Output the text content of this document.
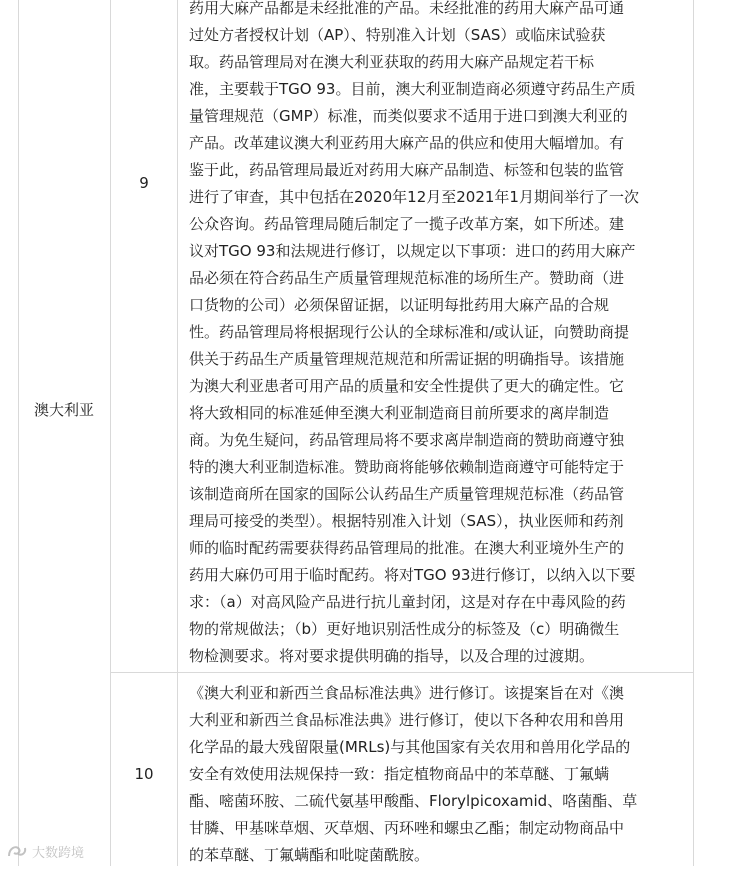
澳大利亚
9
药用大麻产品都是未经批准的产品。未经批准的药用大麻产品可通
过处方者授权计划（AP）、特别准入计划（SAS）或临床试验获
取。药品管理局对在澳大利亚获取的药用大麻产品规定若干标
准，主要载于TGO 93。目前，澳大利亚制造商必须遵守药品生产质
量管理规范（GMP）标准，而类似要求不适用于进口到澳大利亚的
产品。改革建议澳大利亚药用大麻产品的供应和使用大幅增加。有
鉴于此，药品管理局最近对药用大麻产品制造、标签和包装的监管
进行了审查，其中包括在2020年12月至2021年1月期间举行了一次
公众咨询。药品管理局随后制定了一揽子改革方案，如下所述。建
议对TGO 93和法规进行修订，以规定以下事项：进口的药用大麻产
品必须在符合药品生产质量管理规范标准的场所生产。赞助商（进
口货物的公司）必须保留证据，以证明每批药用大麻产品的合规
性。药品管理局将根据现行公认的全球标准和/或认证，向赞助商提
供关于药品生产质量管理规范规范和所需证据的明确指导。该措施
为澳大利亚患者可用产品的质量和安全性提供了更大的确定性。它
将大致相同的标准延伸至澳大利亚制造商目前所要求的离岸制造
商。为免生疑问，药品管理局将不要求离岸制造商的赞助商遵守独
特的澳大利亚制造标准。赞助商将能够依赖制造商遵守可能特定于
该制造商所在国家的国际公认药品生产质量管理规范标准（药品管
理局可接受的类型）。根据特别准入计划（SAS），执业医师和药剂
师的临时配药需要获得药品管理局的批准。在澳大利亚境外生产的
药用大麻仍可用于临时配药。将对TGO 93进行修订，以纳入以下要
求：（a）对高风险产品进行抗儿童封闭，这是对存在中毒风险的药
物的常规做法；（b）更好地识别活性成分的标签及（c）明确微生
物检测要求。将对要求提供明确的指导，以及合理的过渡期。
10
《澳大利亚和新西兰食品标准法典》进行修订。该提案旨在对《澳
大利亚和新西兰食品标准法典》进行修订，使以下各种农用和兽用
化学品的最大残留限量(MRLs)与其他国家有关农用和兽用化学品的
安全有效使用法规保持一致：指定植物商品中的苯草醚、丁氟螨
酯、嘧菌环胺、二硫代氨基甲酸酯、Florylpicoxamid、咯菌酯、草
甘膦、甲基咪草烟、灭草烟、丙环唑和螺虫乙酯；制定动物商品中
的苯草醚、丁氟螨酯和吡啶菌酰胺。
大数跨境
